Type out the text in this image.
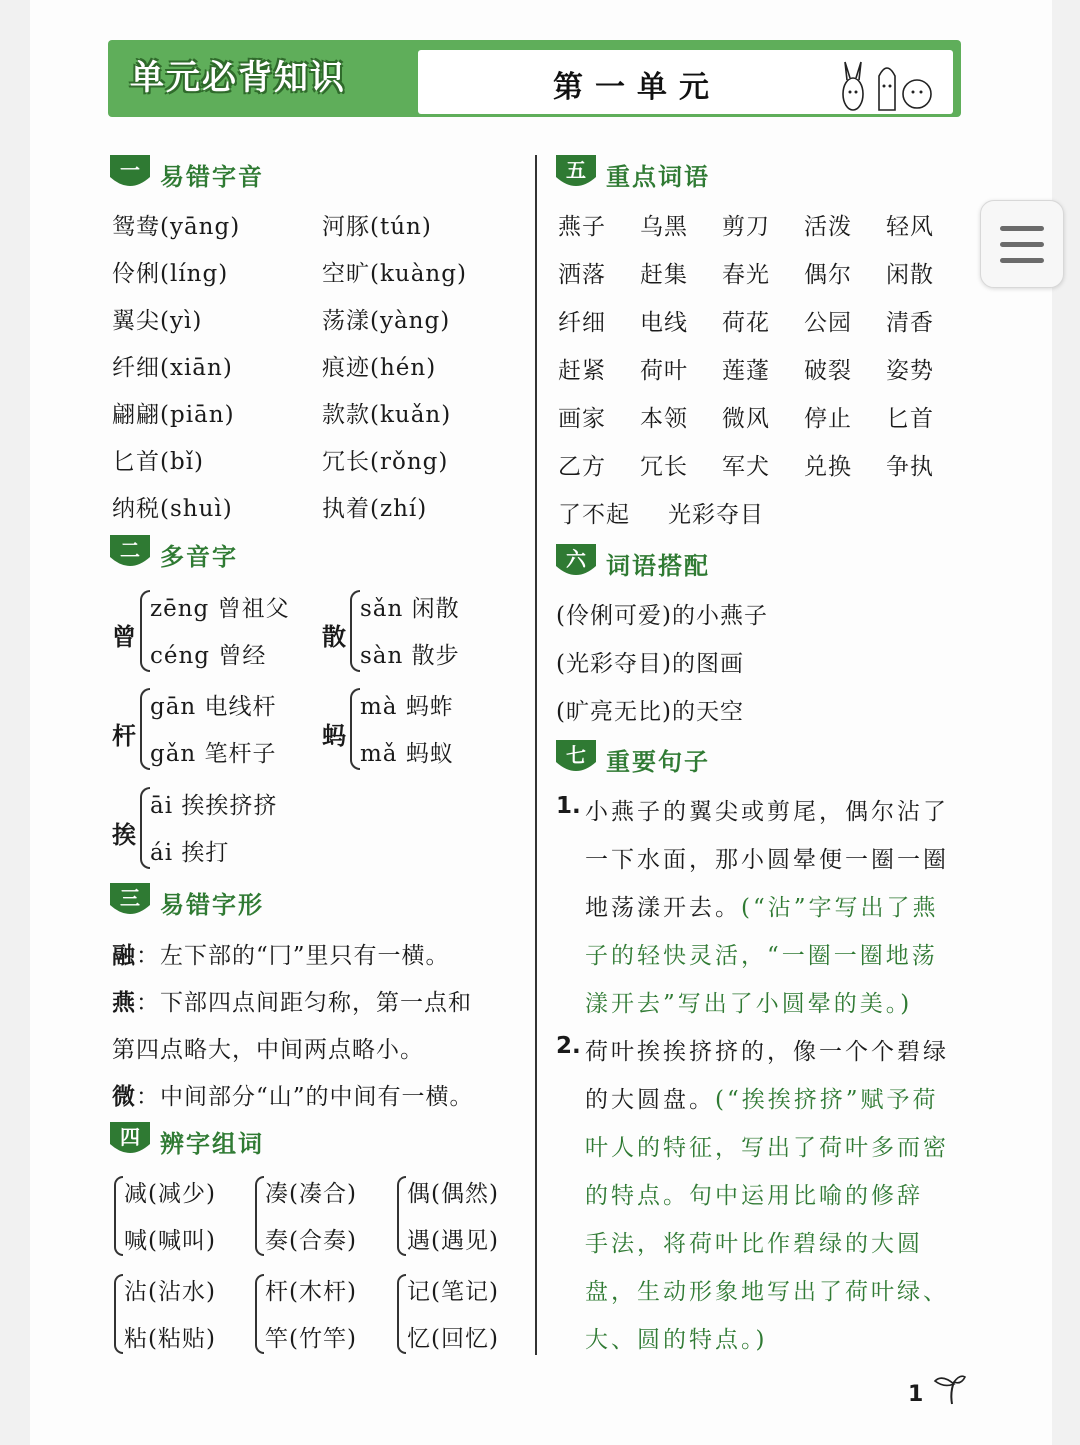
单元必背知识	第一单元
一 易错字音
鸳鸯(yāng)	河豚(tún)
伶俐(líng)	空旷(kuàng)
翼尖(yì)	荡漾(yàng)
纤细(xiān)	痕迹(hén)
翩翩(piān)	款款(kuǎn)
匕首(bǐ)	冗长(rǒng)
纳税(shuì)	执着(zhí)
二 多音字
曾
zēng 曾祖父
céng 曾经
散
sǎn 闲散
sàn 散步
杆
gān 电线杆
gǎn 笔杆子
蚂
mà 蚂蚱
mǎ 蚂蚁
挨
āi 挨挨挤挤
ái 挨打
三 易错字形
融：左下部的“冂”里只有一横。
燕：下部四点间距匀称，第一点和
第四点略大，中间两点略小。
微：中间部分“山”的中间有一横。
四 辨字组词
减(减少) 凑(凑合) 偶(偶然)
喊(喊叫) 奏(合奏) 遇(遇见)
沾(沾水) 杆(木杆) 记(笔记)
粘(粘贴) 竿(竹竿) 忆(回忆)
五 重点词语
燕子 乌黑 剪刀 活泼 轻风
洒落 赶集 春光 偶尔 闲散
纤细 电线 荷花 公园 清香
赶紧 荷叶 莲蓬 破裂 姿势
画家 本领 微风 停止 匕首
乙方 冗长 军犬 兑换 争执
了不起 光彩夺目
六 词语搭配
(伶俐可爱)的小燕子
(光彩夺目)的图画
(旷亮无比)的天空
七 重要句子
1. 小燕子的翼尖或剪尾，偶尔沾了
一下水面，那小圆晕便一圈一圈
地荡漾开去。(“沾”字写出了燕
子的轻快灵活，“一圈一圈地荡
漾开去”写出了小圆晕的美。)
2. 荷叶挨挨挤挤的，像一个个碧绿
的大圆盘。(“挨挨挤挤”赋予荷
叶人的特征，写出了荷叶多而密
的特点。句中运用比喻的修辞
手法，将荷叶比作碧绿的大圆
盘，生动形象地写出了荷叶绿、
大、圆的特点。)
1
